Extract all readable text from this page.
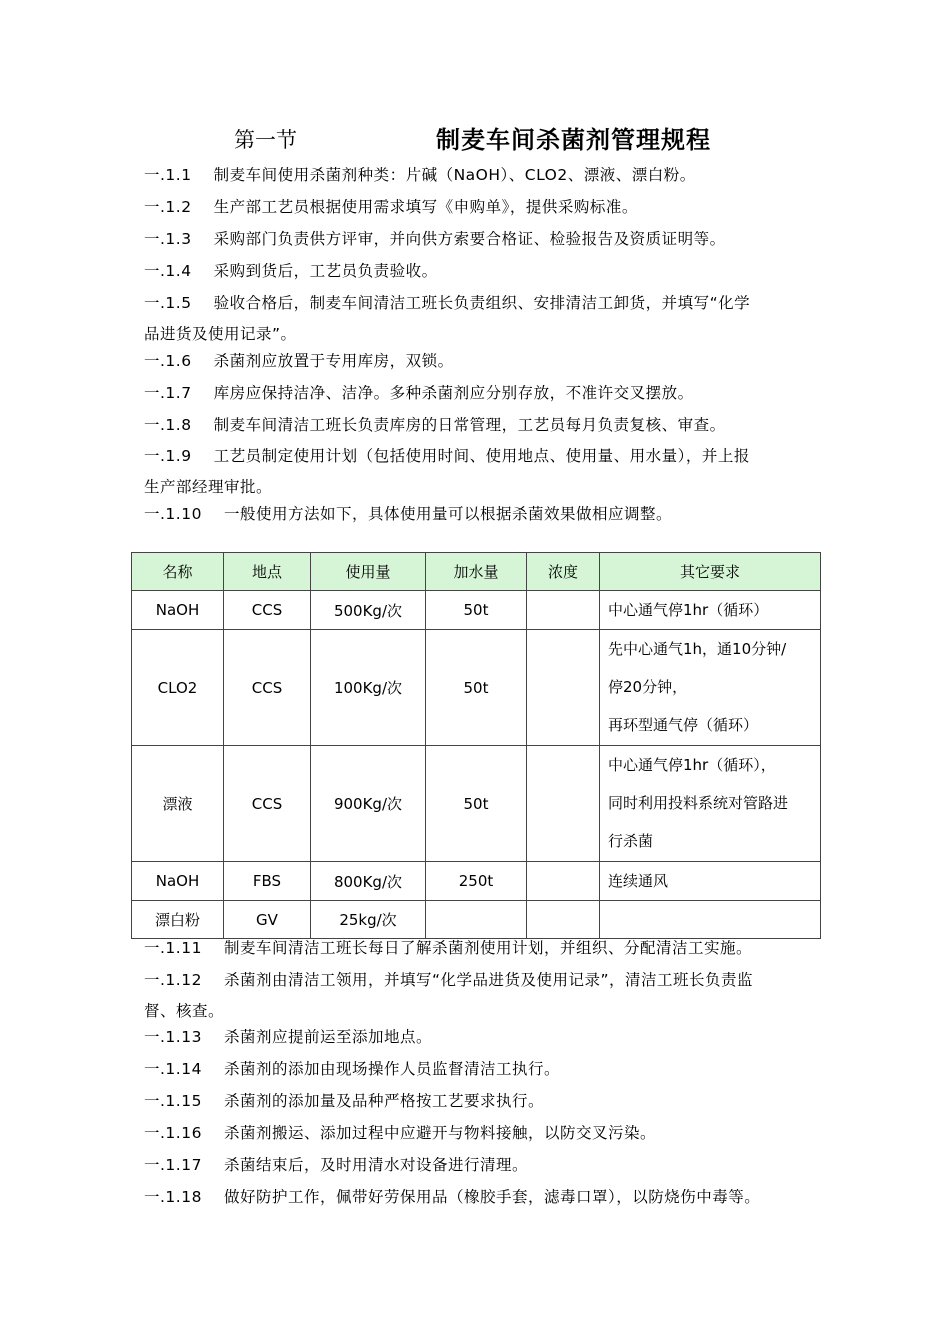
第一节	制麦车间杀菌剂管理规程
一.1.1 制麦车间使用杀菌剂种类：片碱（NaOH）、CLO2、漂液、漂白粉。
一.1.2 生产部工艺员根据使用需求填写《申购单》，提供采购标准。
一.1.3 采购部门负责供方评审，并向供方索要合格证、检验报告及资质证明等。
一.1.4 采购到货后，工艺员负责验收。
一.1.5 验收合格后，制麦车间清洁工班长负责组织、安排清洁工卸货，并填写“化学
品进货及使用记录”。
一.1.6 杀菌剂应放置于专用库房，双锁。
一.1.7 库房应保持洁净、洁净。多种杀菌剂应分别存放，不准许交叉摆放。
一.1.8 制麦车间清洁工班长负责库房的日常管理，工艺员每月负责复核、审查。
一.1.9 工艺员制定使用计划（包括使用时间、使用地点、使用量、用水量），并上报
生产部经理审批。
一.1.10 一般使用方法如下，具体使用量可以根据杀菌效果做相应调整。
名称	地点	使用量	加水量	浓度	其它要求
NaOH	CCS	500Kg/次	50t		中心通气停1hr（循环）
CLO2	CCS	100Kg/次	50t		先中心通气1h，通10分钟/
停20分钟，
再环型通气停（循环）
漂液	CCS	900Kg/次	50t		中心通气停1hr（循环），
同时利用投料系统对管路进
行杀菌
NaOH	FBS	800Kg/次	250t		连续通风
漂白粉	GV	25kg/次			
一.1.11 制麦车间清洁工班长每日了解杀菌剂使用计划，并组织、分配清洁工实施。
一.1.12 杀菌剂由清洁工领用，并填写“化学品进货及使用记录”，清洁工班长负责监
督、核查。
一.1.13 杀菌剂应提前运至添加地点。
一.1.14 杀菌剂的添加由现场操作人员监督清洁工执行。
一.1.15 杀菌剂的添加量及品种严格按工艺要求执行。
一.1.16 杀菌剂搬运、添加过程中应避开与物料接触，以防交叉污染。
一.1.17 杀菌结束后，及时用清水对设备进行清理。
一.1.18 做好防护工作，佩带好劳保用品（橡胶手套，滤毒口罩），以防烧伤中毒等。
